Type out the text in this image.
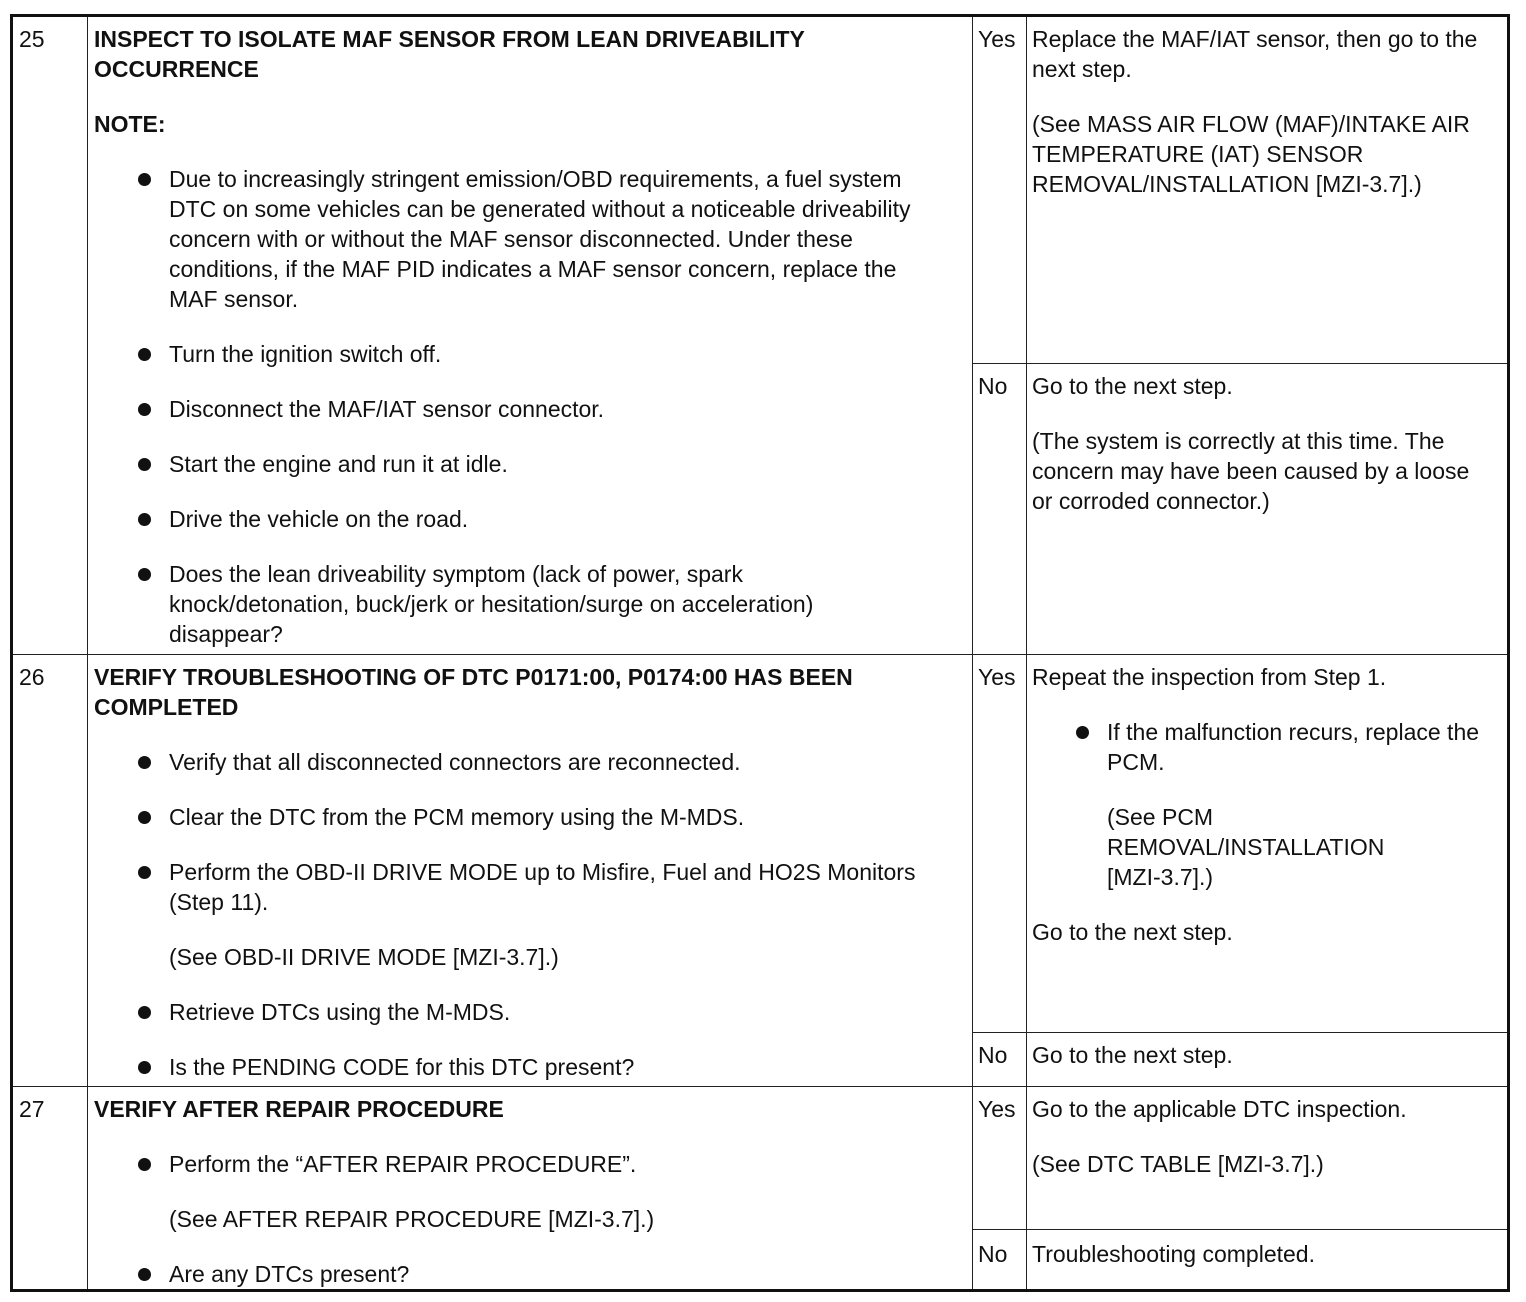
25 INSPECT TO ISOLATE MAF SENSOR FROM LEAN DRIVEABILITY

OCCURRENCE

NOTE:

Due to increasingly stringent emission/OBD requirements, a fuel system DTC on some vehicles can be generated without a noticeable driveability concern with or without the MAF sensor disconnected. Under these conditions, if the MAF PID indicates a MAF sensor concern, replace the MAF sensor.
Turn the ignition switch off.
Disconnect the MAF/IAT sensor connector.
Start the engine and run it at idle.
Drive the vehicle on the road.
Does the lean driveability symptom (lack of power, spark knock/detonation, buck/jerk or hesitation/surge on acceleration) disappear?
Yes Replace the MAF/IAT sensor, then go to the next step.

(See MASS AIR FLOW (MAF)/INTAKE AIR TEMPERATURE (IAT) SENSOR REMOVAL/INSTALLATION [MZI-3.7].)

No Go to the next step.

(The system is correctly at this time. The concern may have been caused by a loose or corroded connector.)

26 VERIFY TROUBLESHOOTING OF DTC P0171:00, P0174:00 HAS BEEN

COMPLETED

Verify that all disconnected connectors are reconnected.
Clear the DTC from the PCM memory using the M-MDS.
Perform the OBD-II DRIVE MODE up to Misfire, Fuel and HO2S Monitors (Step 11).

(See OBD-II DRIVE MODE [MZI-3.7].)

Retrieve DTCs using the M-MDS.
Is the PENDING CODE for this DTC present?
Yes Repeat the inspection from Step 1.

If the malfunction recurs, replace the PCM.

(See PCM REMOVAL/INSTALLATION [MZI-3.7].)

Go to the next step.

No Go to the next step.

27 VERIFY AFTER REPAIR PROCEDURE

Perform the “AFTER REPAIR PROCEDURE”.

(See AFTER REPAIR PROCEDURE [MZI-3.7].)

Are any DTCs present?
Yes Go to the applicable DTC inspection.

(See DTC TABLE [MZI-3.7].)

No Troubleshooting completed.
